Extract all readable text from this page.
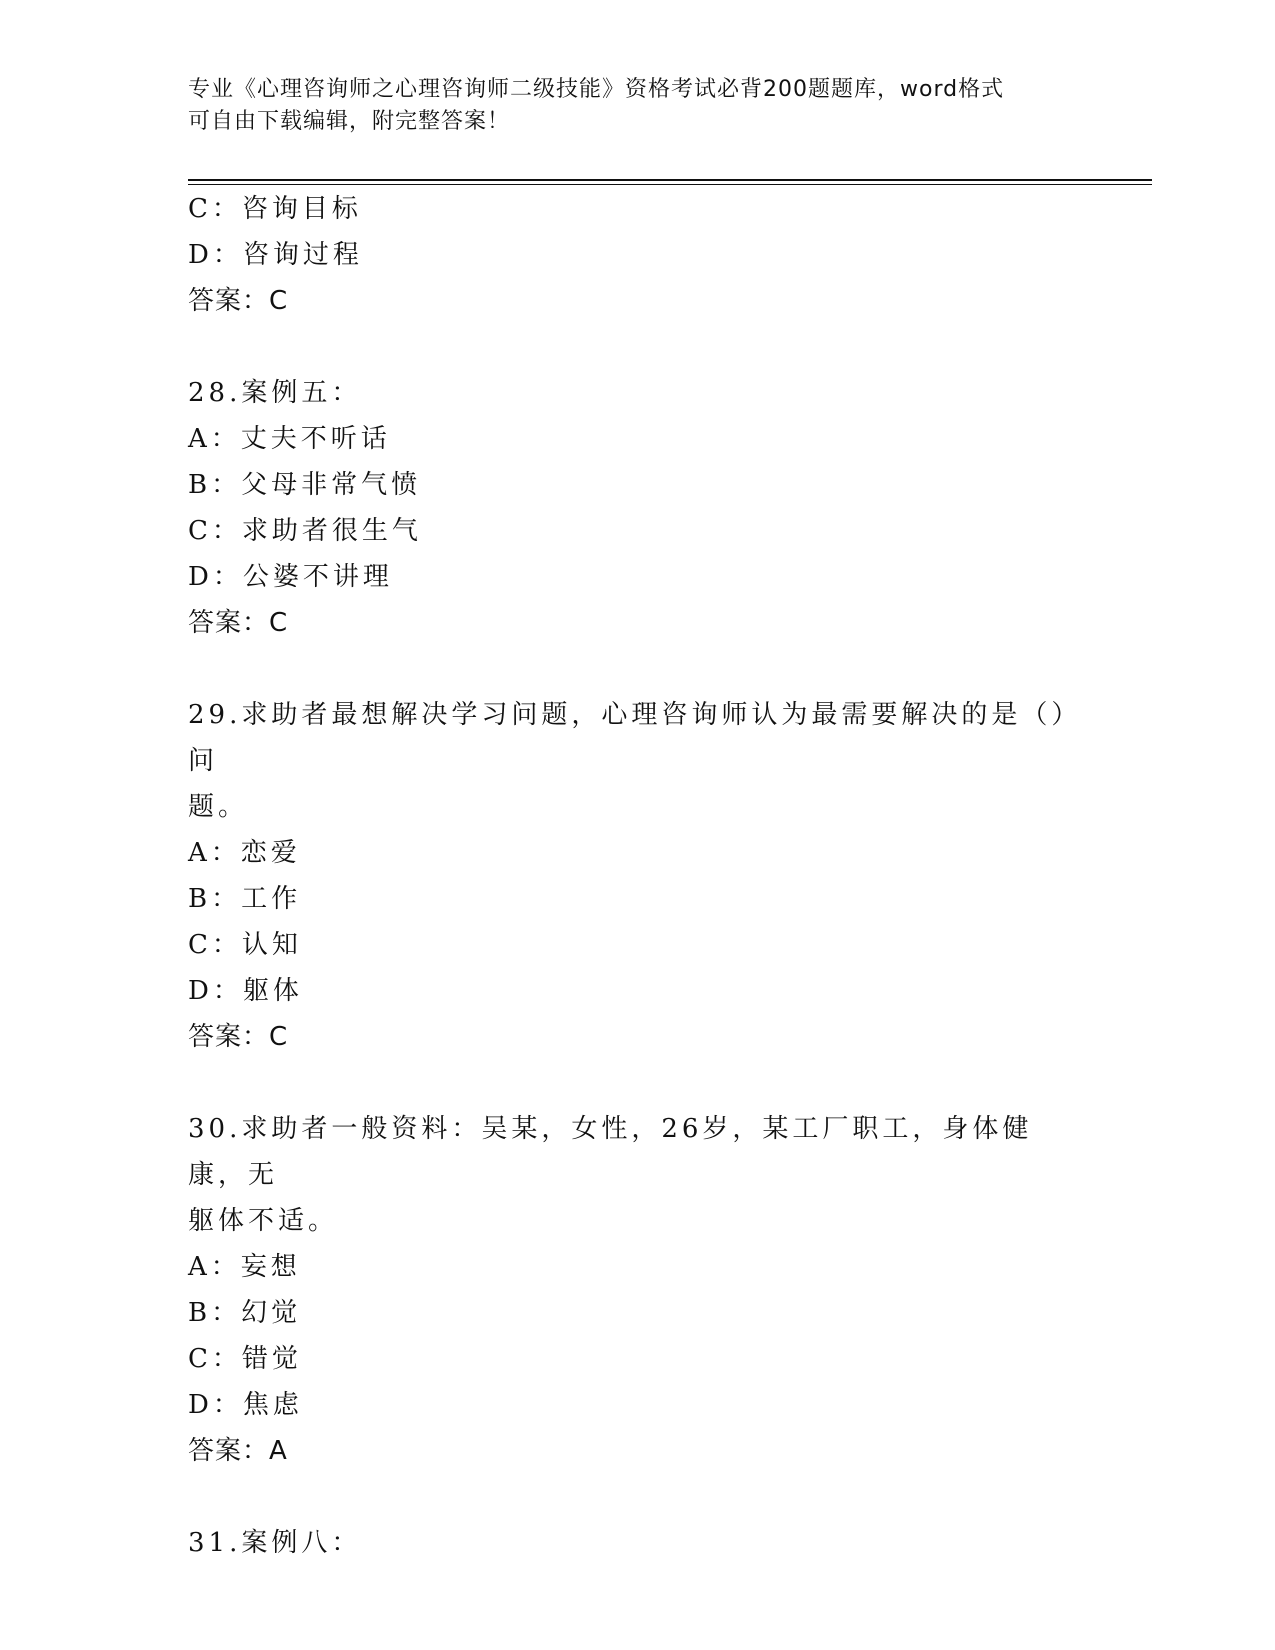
专业《心理咨询师之心理咨询师二级技能》资格考试必背200题题库，word格式
可自由下载编辑，附完整答案！
C：咨询目标
D：咨询过程
答案：C
28.案例五：
A：丈夫不听话
B：父母非常气愤
C：求助者很生气
D：公婆不讲理
答案：C
29.求助者最想解决学习问题，心理咨询师认为最需要解决的是（）问
题。
A：恋爱
B：工作
C：认知
D：躯体
答案：C
30.求助者一般资料：吴某，女性，26岁，某工厂职工，身体健康，无
躯体不适。
A：妄想
B：幻觉
C：错觉
D：焦虑
答案：A
31.案例八：
